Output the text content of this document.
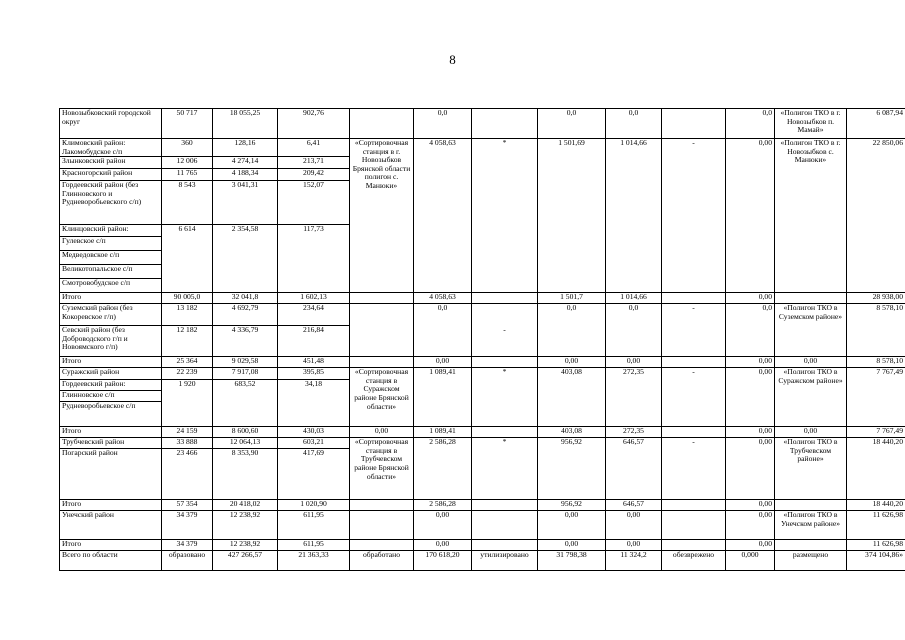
8
Новозыбковский городской округ	50 717	18 055,25	902,76		0,0		0,0	0,0		0,0	«Полигон ТКО в г. Новозыбков п. Мамай»	6 087,94
Климовский район: Лакомобудское с/п	360	128,16	6,41	«Сортировочная станция в г. Новозыбков Брянской области полигон с. Манюки»	4 058,63	*	1 501,69	1 014,66	-	0,00	«Полигон ТКО в г. Новозыбков с. Манюки»	22 850,06
Злынковский район	12 006	4 274,14	213,71									
Красногорский район	11 765	4 188,34	209,42									
Гордеевский район (без Глинновского и Рудневоробьевского с/п)	8 543	3 041,31	152,07									
Клинцовский район:	6 614	2 354,58	117,73									
Гулевское с/п												
Медведовское с/п												
Великотопальское с/п												
Смотровобудское с/п												
Итого	90 005,0	32 041,8	1 602,13		4 058,63		1 501,7	1 014,66		0,00		28 938,00
Суземский район (без Кокоревское г/п)	13 182	4 692,79	234,64		0,0	-	0,0	0,0	-	0,0	«Полигон ТКО в Суземском районе»	8 578,10
Севский район (без Доброводского г/п и Новоямского г/п)	12 182	4 336,79	216,84									
Итого	25 364	9 029,58	451,48		0,00		0,00	0,00		0,00	0,00	8 578,10
Суражский район	22 239	7 917,08	395,85	«Сортировочная станция в Суражском районе Брянской области»	1 089,41	*	403,08	272,35	-	0,00	«Полигон ТКО в Суражском районе»	7 767,49
Гордеевский район:	1 920	683,52	34,18									
Глинновское с/п												
Рудневоробьевское с/п												
Итого	24 159	8 600,60	430,03	0,00	1 089,41		403,08	272,35		0,00	0,00	7 767,49
Трубчевский район	33 888	12 064,13	603,21	«Сортировочная станция в Трубчевском районе Брянской области»	2 586,28	*	956,92	646,57	-	0,00	«Полигон ТКО в Трубчевском районе»	18 440,20
Погарский район	23 466	8 353,90	417,69									
Итого	57 354	20 418,02	1 020,90		2 586,28		956,92	646,57		0,00		18 440,20
Унечский район	34 379	12 238,92	611,95		0,00		0,00	0,00		0,00	«Полигон ТКО в Унечском районе»	11 626,98
Итого	34 379	12 238,92	611,95		0,00		0,00	0,00		0,00		11 626,98
Всего по области	образовано	427 266,57	21 363,33	обработано	170 618,20	утилизировано	31 798,38	11 324,2	обезврежено	0,000	размещено	374 104,86»
